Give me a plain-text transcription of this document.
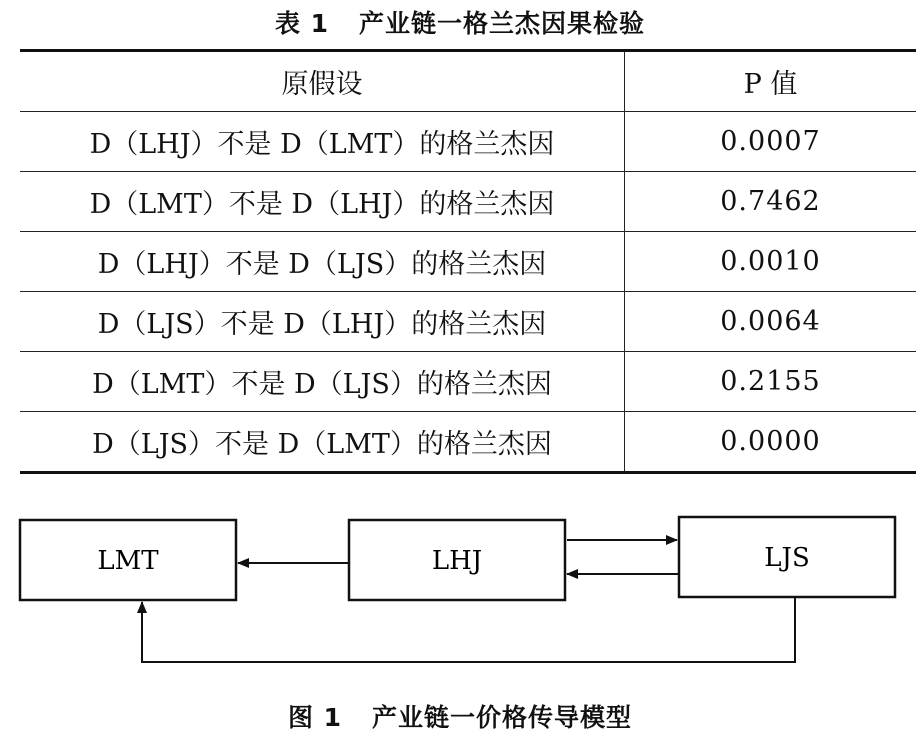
表 1 产业链一格兰杰因果检验
原假设	P 值
D（LHJ）不是 D（LMT）的格兰杰因	0.0007
D（LMT）不是 D（LHJ）的格兰杰因	0.7462
D（LHJ）不是 D（LJS）的格兰杰因	0.0010
D（LJS）不是 D（LHJ）的格兰杰因	0.0064
D（LMT）不是 D（LJS）的格兰杰因	0.2155
D（LJS）不是 D（LMT）的格兰杰因	0.0000
LMT	LHJ	LJS
图 1 产业链一价格传导模型
